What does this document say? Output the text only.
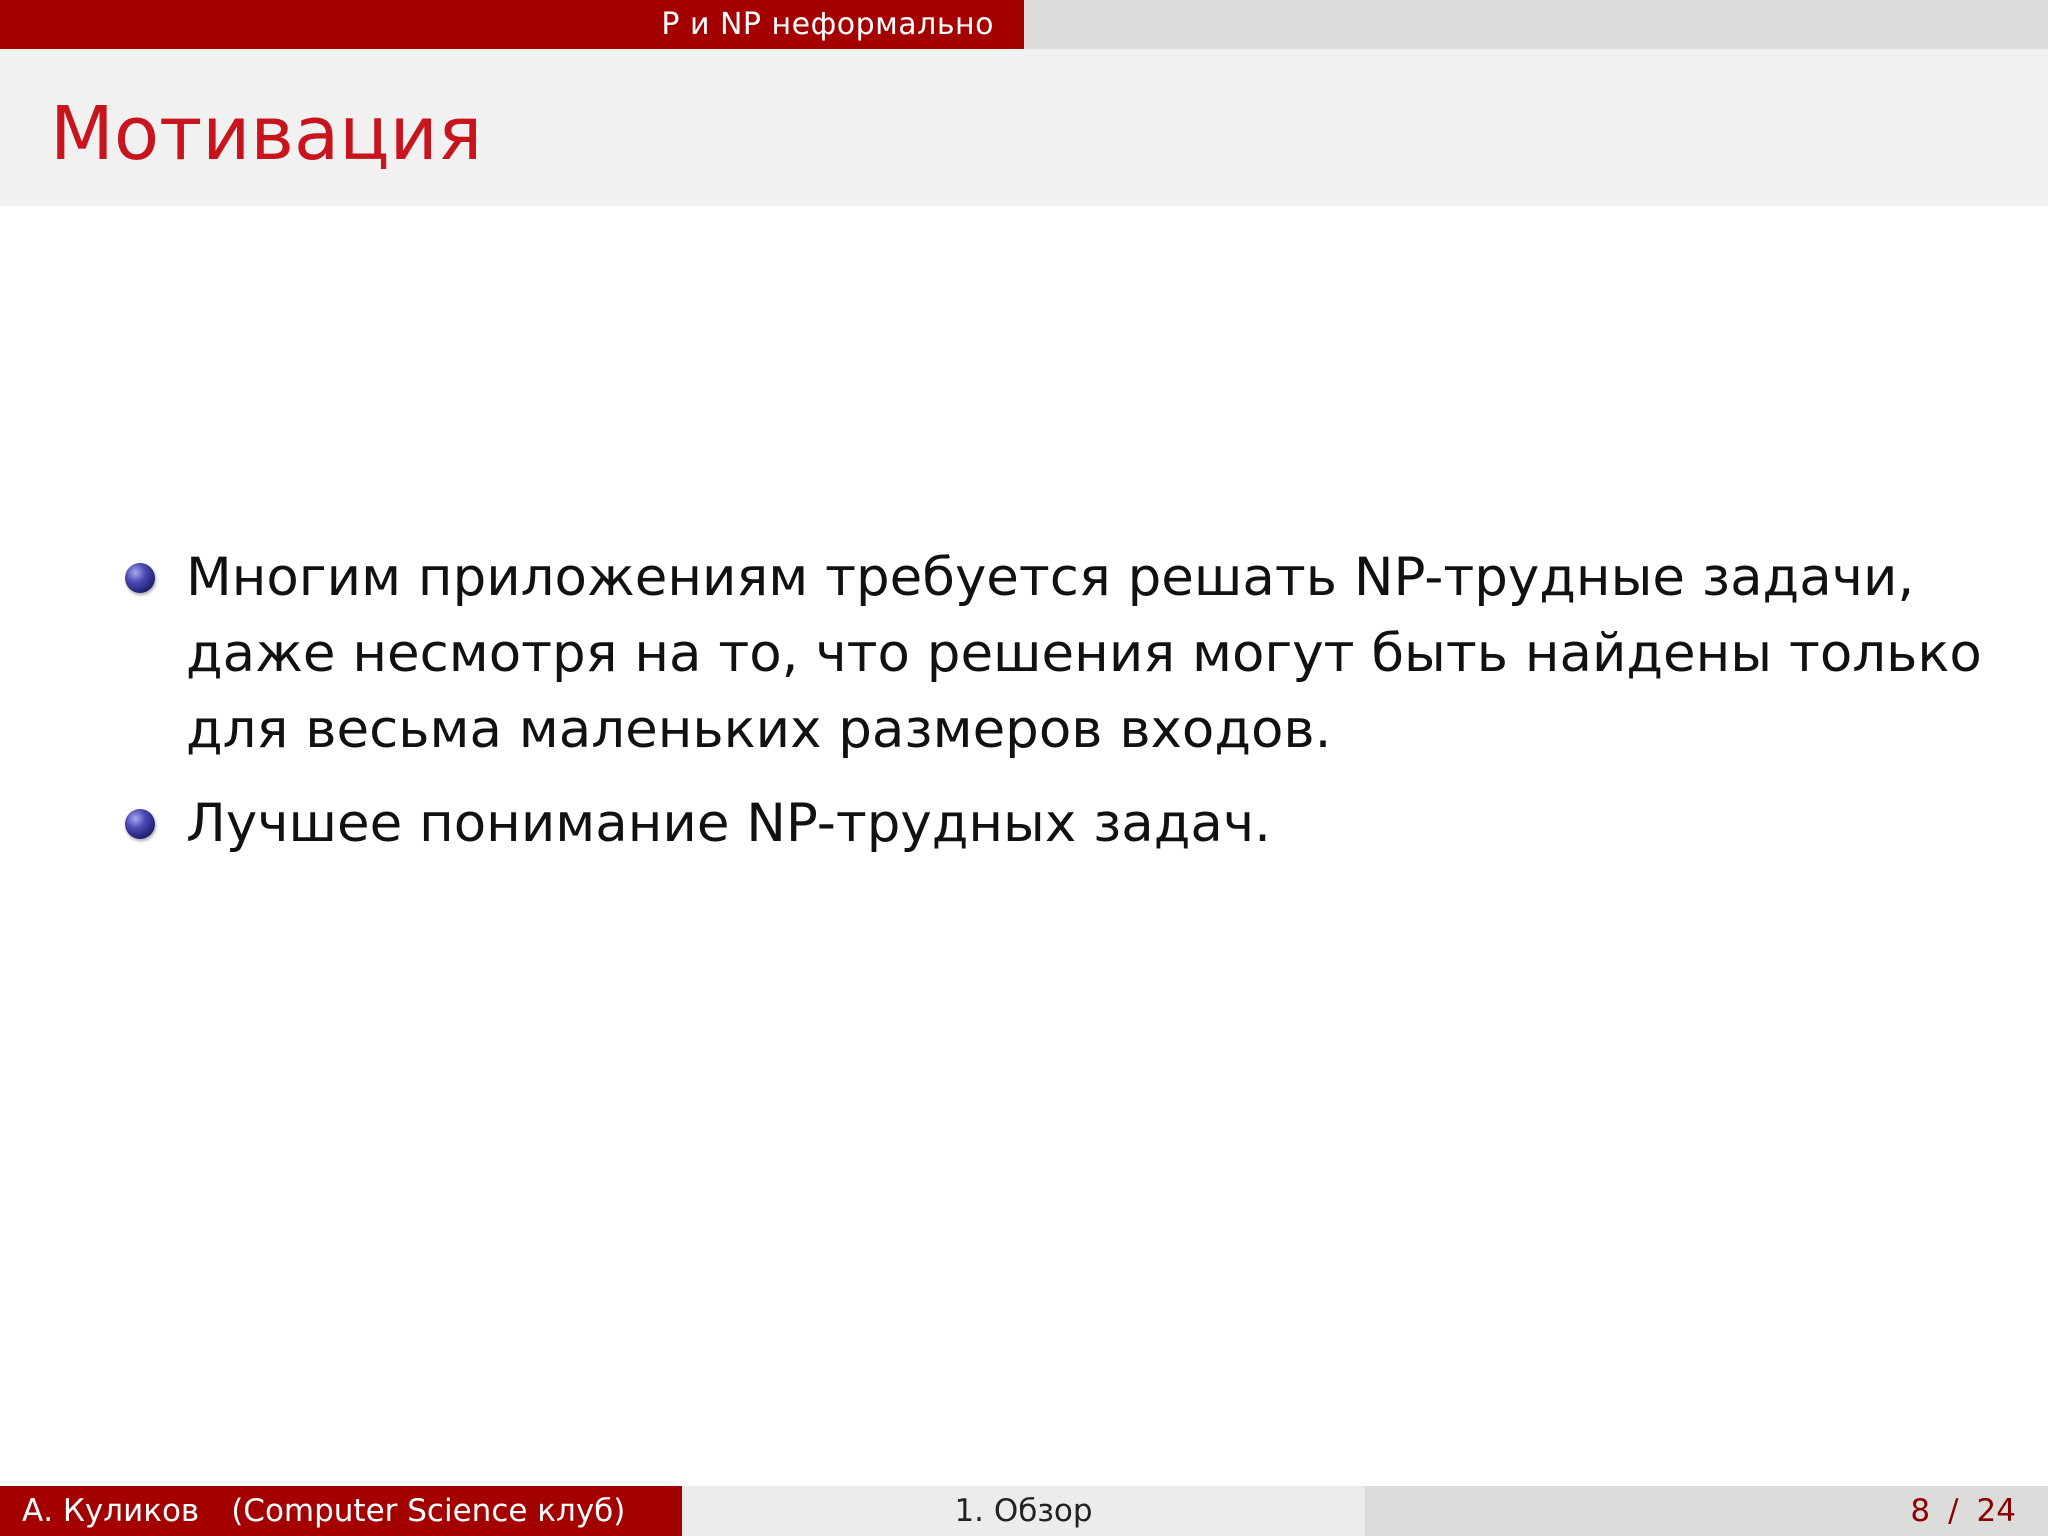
P и NP неформально
Мотивация
Многим приложениям требуется решать NP-трудные задачи, даже несмотря на то, что решения могут быть найдены только для весьма маленьких размеров входов.
Лучшее понимание NP-трудных задач.
А. Куликов (Computer Science клуб)	1. Обзор	8 / 24
